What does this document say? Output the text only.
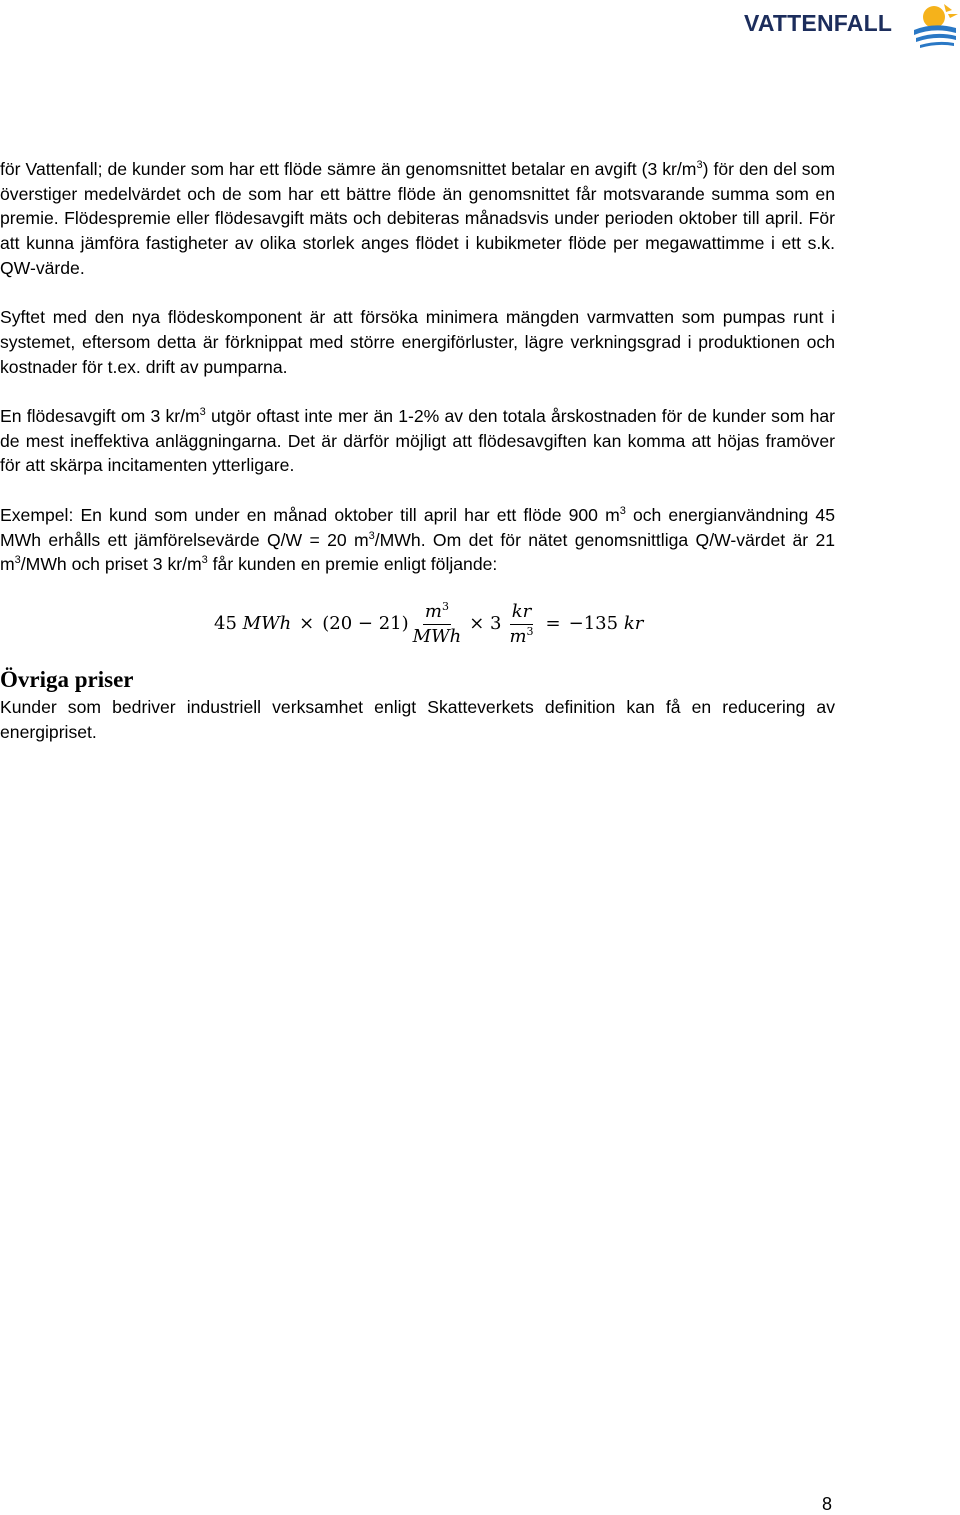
VATTENFALL

för Vattenfall; de kunder som har ett flöde sämre än genomsnittet betalar en avgift (3 $kr/m^3$) för den del som överstiger medelvärdet och de som har ett bättre flöde än genomsnittet får motsvarande summa som en premie. Flödespremie eller flödesavgift mäts och debiteras månadsvis under perioden oktober till april. För att kunna jämföra fastigheter av olika storlek anges flödet i kubikmeter flöde per megawattimme i ett s.k. QW-värde.

Syftet med den nya flödeskomponent är att försöka minimera mängden varmvatten som pumpas runt i systemet, eftersom detta är förknippat med större energiförluster, lägre verkningsgrad i produktionen och kostnader för t.ex. drift av pumparna.

En flödesavgift om 3 $kr/m^3$ utgör oftast inte mer än 1-2% av den totala årskostnaden för de kunder som har de mest ineffektiva anläggningarna. Det är därför möjligt att flödesavgiften kan komma att höjas framöver för att skärpa incitamenten ytterligare.

Exempel: En kund som under en månad oktober till april har ett flöde 900 $m^3$ och energianvändning 45 MWh erhålls ett jämförelsevärde Q/W = 20 $m^3$/MWh. Om det för nätet genomsnittliga Q/W-värdet är 21 $m^3$/MWh och priset 3 $kr/m^3$ får kunden en premie enligt följande:

45
MWh × $(20 - 21) \frac{m^3}{\text{MWh}} \times 3 \frac{kr}{m^3} = -135$
kr
Övriga priser

Kunder som bedriver industriell verksamhet enligt Skatteverkets definition kan få en reducering av energipriset.

8
